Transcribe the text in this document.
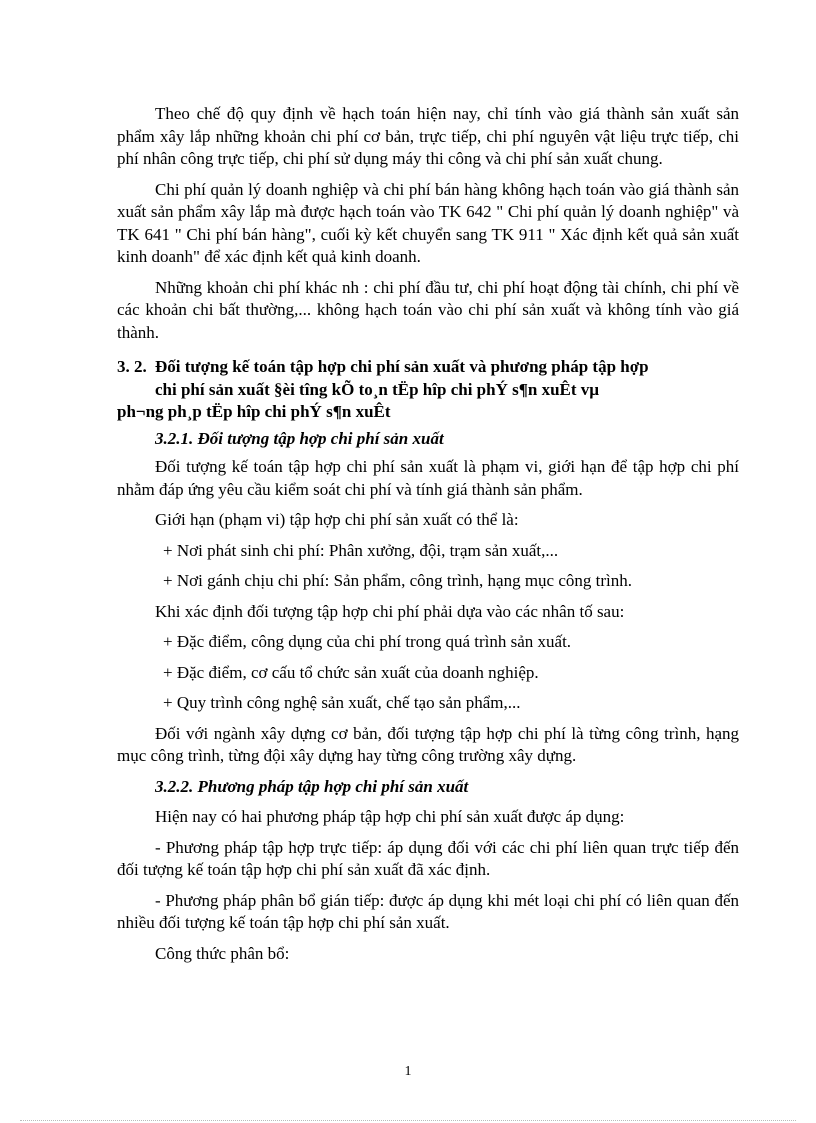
Theo chế độ quy định về hạch toán hiện nay, chỉ tính vào giá thành sản xuất sản phẩm xây lắp những khoản chi phí cơ bản, trực tiếp, chi phí nguyên vật liệu trực tiếp, chi phí nhân công trực tiếp, chi phí sử dụng máy thi công và chi phí sản xuất chung.

Chi phí quản lý doanh nghiệp và chi phí bán hàng không hạch toán vào giá thành sản xuất sản phẩm xây lắp mà được hạch toán vào TK 642 " Chi phí quản lý doanh nghiệp" và TK 641 " Chi phí bán hàng", cuối kỳ kết chuyển sang TK 911 " Xác định kết quả sản xuất kinh doanh" để xác định kết quả kinh doanh.

Những khoản chi phí khác nh : chi phí đầu tư, chi phí hoạt động tài chính, chi phí về các khoản chi bất thường,... không hạch toán vào chi phí sản xuất và không tính vào giá thành.

3. 2. Đối tượng kế toán tập hợp chi phí sản xuất và phương pháp tập hợp
chi phí sản xuất §èi tîng kÕ to¸n tËp hîp chi phÝ s¶n xuÊt vµ
ph¬ng ph¸p tËp hîp chi phÝ s¶n xuÊt

3.2.1. Đối tượng tập hợp chi phí sản xuất

Đối tượng kế toán tập hợp chi phí sản xuất là phạm vi, giới hạn để tập hợp chi phí nhằm đáp ứng yêu cầu kiểm soát chi phí và tính giá thành sản phẩm.

Giới hạn (phạm vi) tập hợp chi phí sản xuất có thể là:

+ Nơi phát sinh chi phí: Phân xưởng, đội, trạm sản xuất,...

+ Nơi gánh chịu chi phí: Sản phẩm, công trình, hạng mục công trình.

Khi xác định đối tượng tập hợp chi phí phải dựa vào các nhân tố sau:

+ Đặc điểm, công dụng của chi phí trong quá trình sản xuất.

+ Đặc điểm, cơ cấu tổ chức sản xuất của doanh nghiệp.

+ Quy trình công nghệ sản xuất, chế tạo sản phẩm,...

Đối với ngành xây dựng cơ bản, đối tượng tập hợp chi phí là từng công trình, hạng mục công trình, từng đội xây dựng hay từng công trường xây dựng.

3.2.2. Phương pháp tập hợp chi phí sản xuất

Hiện nay có hai phương pháp tập hợp chi phí sản xuất được áp dụng:

- Phương pháp tập hợp trực tiếp: áp dụng đối với các chi phí liên quan trực tiếp đến đối tượng kế toán tập hợp chi phí sản xuất đã xác định.

- Phương pháp phân bổ gián tiếp: được áp dụng khi mét loại chi phí có liên quan đến nhiều đối tượng kế toán tập hợp chi phí sản xuất.

Công thức phân bổ:

1
